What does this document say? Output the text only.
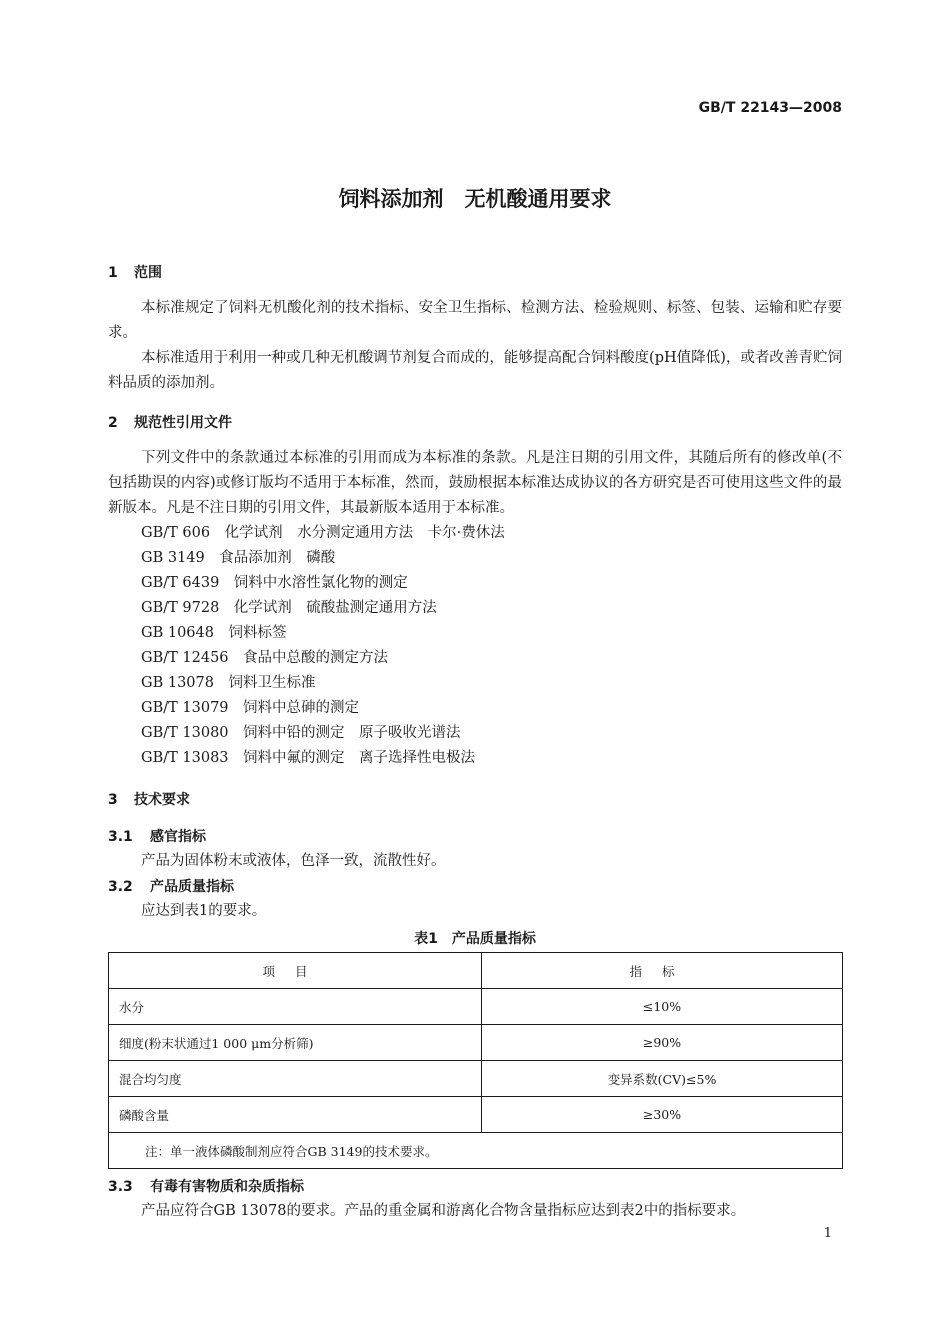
GB/T 22143—2008
饲料添加剂　无机酸通用要求
1 范围
本标准规定了饲料无机酸化剂的技术指标、安全卫生指标、检测方法、检验规则、标签、包装、运输和贮存要求。
本标准适用于利用一种或几种无机酸调节剂复合而成的，能够提高配合饲料酸度(pH值降低)，或者改善青贮饲料品质的添加剂。
2 规范性引用文件
下列文件中的条款通过本标准的引用而成为本标准的条款。凡是注日期的引用文件，其随后所有的修改单(不包括勘误的内容)或修订版均不适用于本标准，然而，鼓励根据本标准达成协议的各方研究是否可使用这些文件的最新版本。凡是不注日期的引用文件，其最新版本适用于本标准。
GB/T 606　化学试剂　水分测定通用方法　卡尔·费休法
GB 3149　食品添加剂　磷酸
GB/T 6439　饲料中水溶性氯化物的测定
GB/T 9728　化学试剂　硫酸盐测定通用方法
GB 10648　饲料标签
GB/T 12456　食品中总酸的测定方法
GB 13078　饲料卫生标准
GB/T 13079　饲料中总砷的测定
GB/T 13080　饲料中铅的测定　原子吸收光谱法
GB/T 13083　饲料中氟的测定　离子选择性电极法
3 技术要求
3.1 感官指标
产品为固体粉末或液体，色泽一致，流散性好。
3.2 产品质量指标
应达到表1的要求。
表1　产品质量指标
项目	指标
水分	≤10%
细度(粉末状通过1 000 μm分析筛)	≥90%
混合均匀度	变异系数(CV)≤5%
磷酸含量	≥30%
注：单一液体磷酸制剂应符合GB 3149的技术要求。	
3.3 有毒有害物质和杂质指标
产品应符合GB 13078的要求。产品的重金属和游离化合物含量指标应达到表2中的指标要求。
1
